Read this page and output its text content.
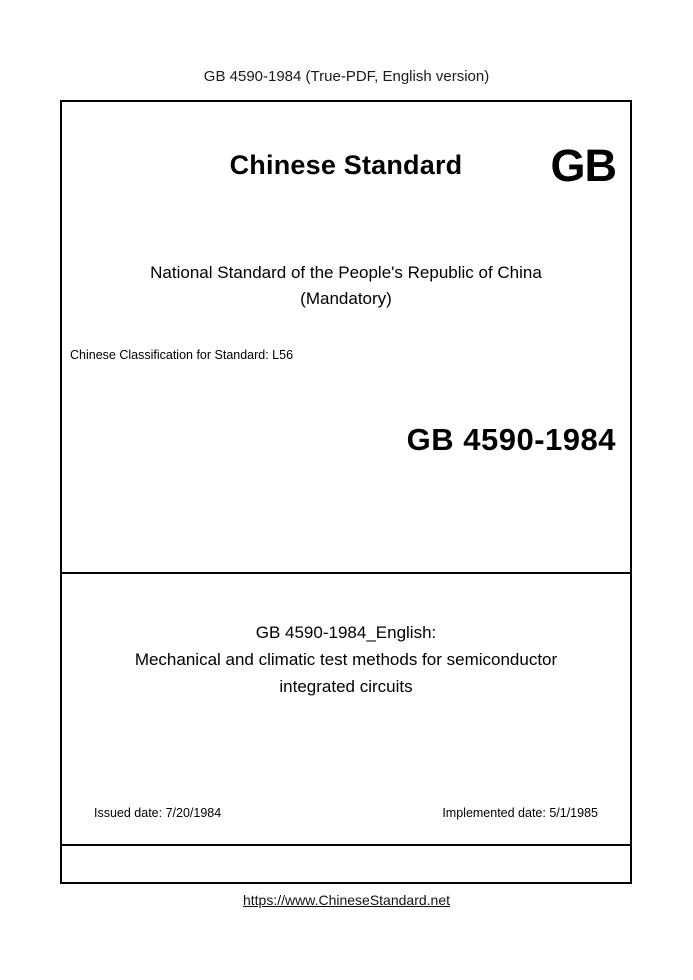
GB 4590-1984 (True-PDF, English version)
Chinese Standard	GB
National Standard of the People's Republic of China
(Mandatory)
Chinese Classification for Standard: L56
GB 4590-1984
GB 4590-1984_English:
Mechanical and climatic test methods for semiconductor
integrated circuits
Issued date: 7/20/1984	Implemented date: 5/1/1985
https://www.ChineseStandard.net
